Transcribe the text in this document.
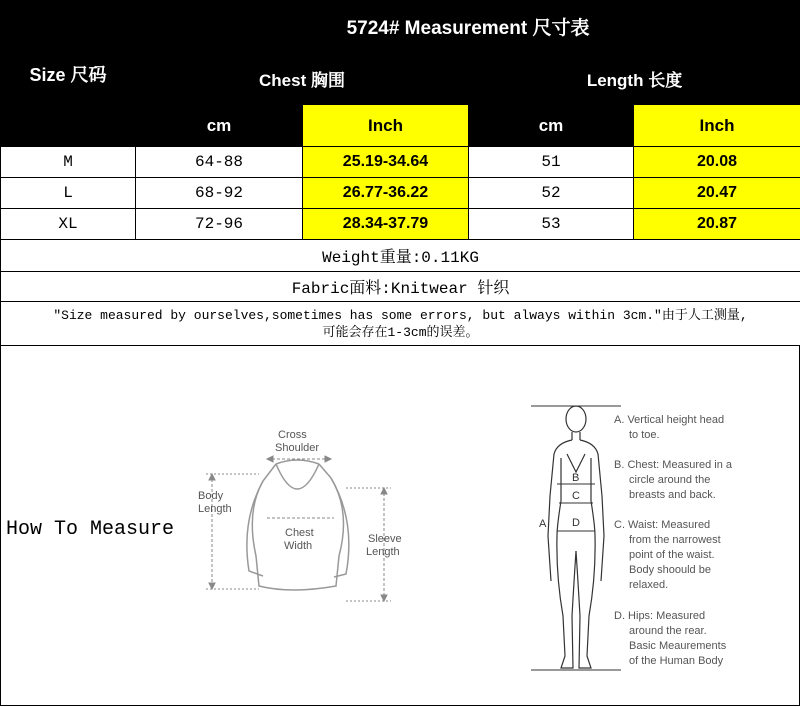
Size 尺码	5724# Measurement 尺寸表			
	Chest 胸围		Length 长度	
	cm	Inch	cm	Inch
M	64-88	25.19-34.64	51	20.08
L	68-92	26.77-36.22	52	20.47
XL	72-96	28.34-37.79	53	20.87
Weight重量:0.11KG				
Fabric面料:Knitwear 针织				

"Size measured by ourselves,sometimes has some errors, but always within 3cm."由于人工测量,
可能会存在1-3cm的误差。				
How To Measure
Cross
Shoulder
Body
Length
Chest
Width
Sleeve
Length
A
B
C
D
A. Vertical height head
to toe.
B. Chest: Measured in a
circle around the
breasts and back.
C. Waist: Measured
from the narrowest
point of the waist.
Body shoould be
relaxed.
D. Hips: Measured
around the rear.
Basic Meaurements
of the Human Body
